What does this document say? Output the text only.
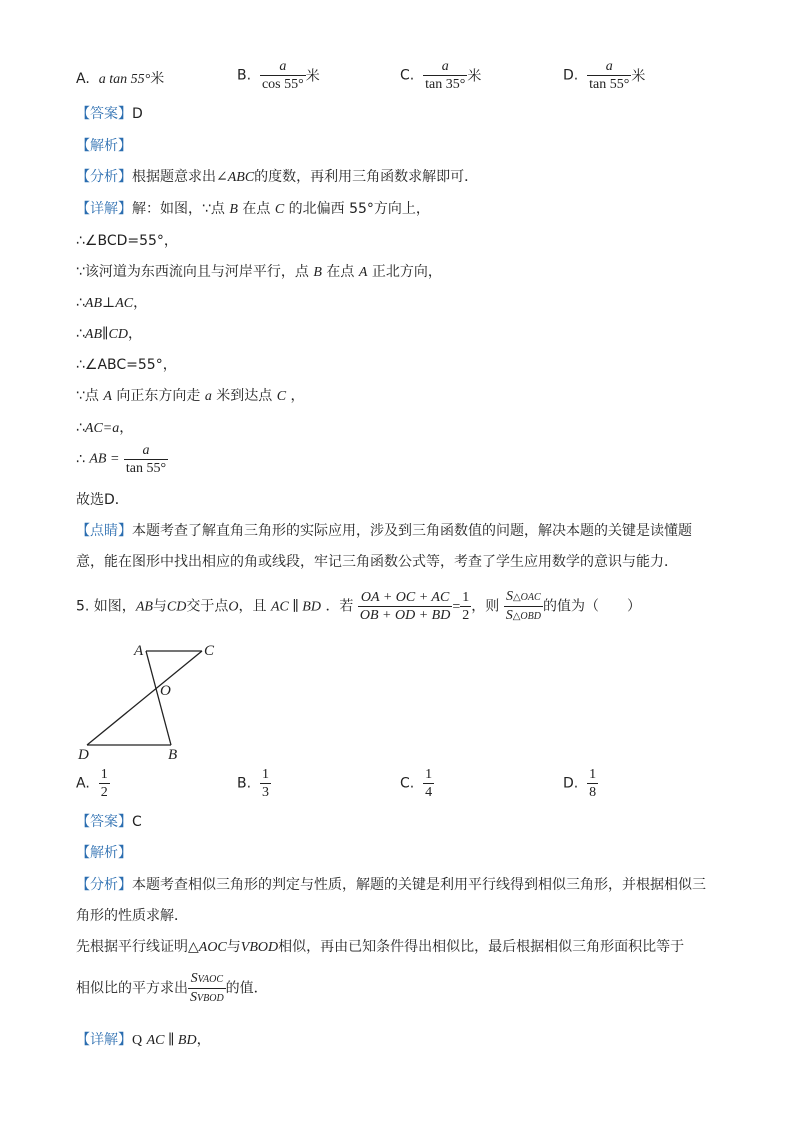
A. a tan 55°米	B. $\frac{a}{\cos 55^\circ}$ 米	C. $\frac{a}{\tan 35^\circ}$ 米	D. $\frac{a}{\tan 55^\circ}$ 米
【答案】D
【解析】
【分析】根据题意求出∠ABC的度数，再利用三角函数求解即可．
【详解】解：如图，∵点 B 在点 C 的北偏西 55°方向上，
∴∠BCD=55°，
∵该河道为东西流向且与河岸平行，点 B 在点 A 正北方向，
∴AB⊥AC，
∴AB∥CD，
∴∠ABC=55°，
∵点 A 向正东方向走 a 米到达点 C ，
∴AC=a，
∴ AB = $\frac{a}{\tan 55^\circ}$
故选D．
【点睛】本题考查了解直角三角形的实际应用，涉及到三角函数值的问题，解决本题的关键是读懂题
意，能在图形中找出相应的角或线段，牢记三角函数公式等，考查了学生应用数学的意识与能力．
5. 如图，AB与CD交于点O，且 AC ∥ BD ．若 $\frac{OA + OC + AC}{OB + OD + BD} = \frac{1}{2}$ ，则 $\frac{\text{S△OAC}}{\text{S△OBD}}$ 的值为（　　）
A	C
O
D	B
A. $\frac{1}{2}$	B. $\frac{1}{3}$	C. $\frac{1}{4}$	D. $\frac{1}{8}$
【答案】C
【解析】
【分析】本题考查相似三角形的判定与性质，解题的关键是利用平行线得到相似三角形，并根据相似三
角形的性质求解．
先根据平行线证明△AOC与VBOD相似，再由已知条件得出相似比，最后根据相似三角形面积比等于
相似比的平方求出 $\frac{\text{SVAOC}}{\text{SVBOD}}$ 的值．
【详解】Q AC ∥ BD，
